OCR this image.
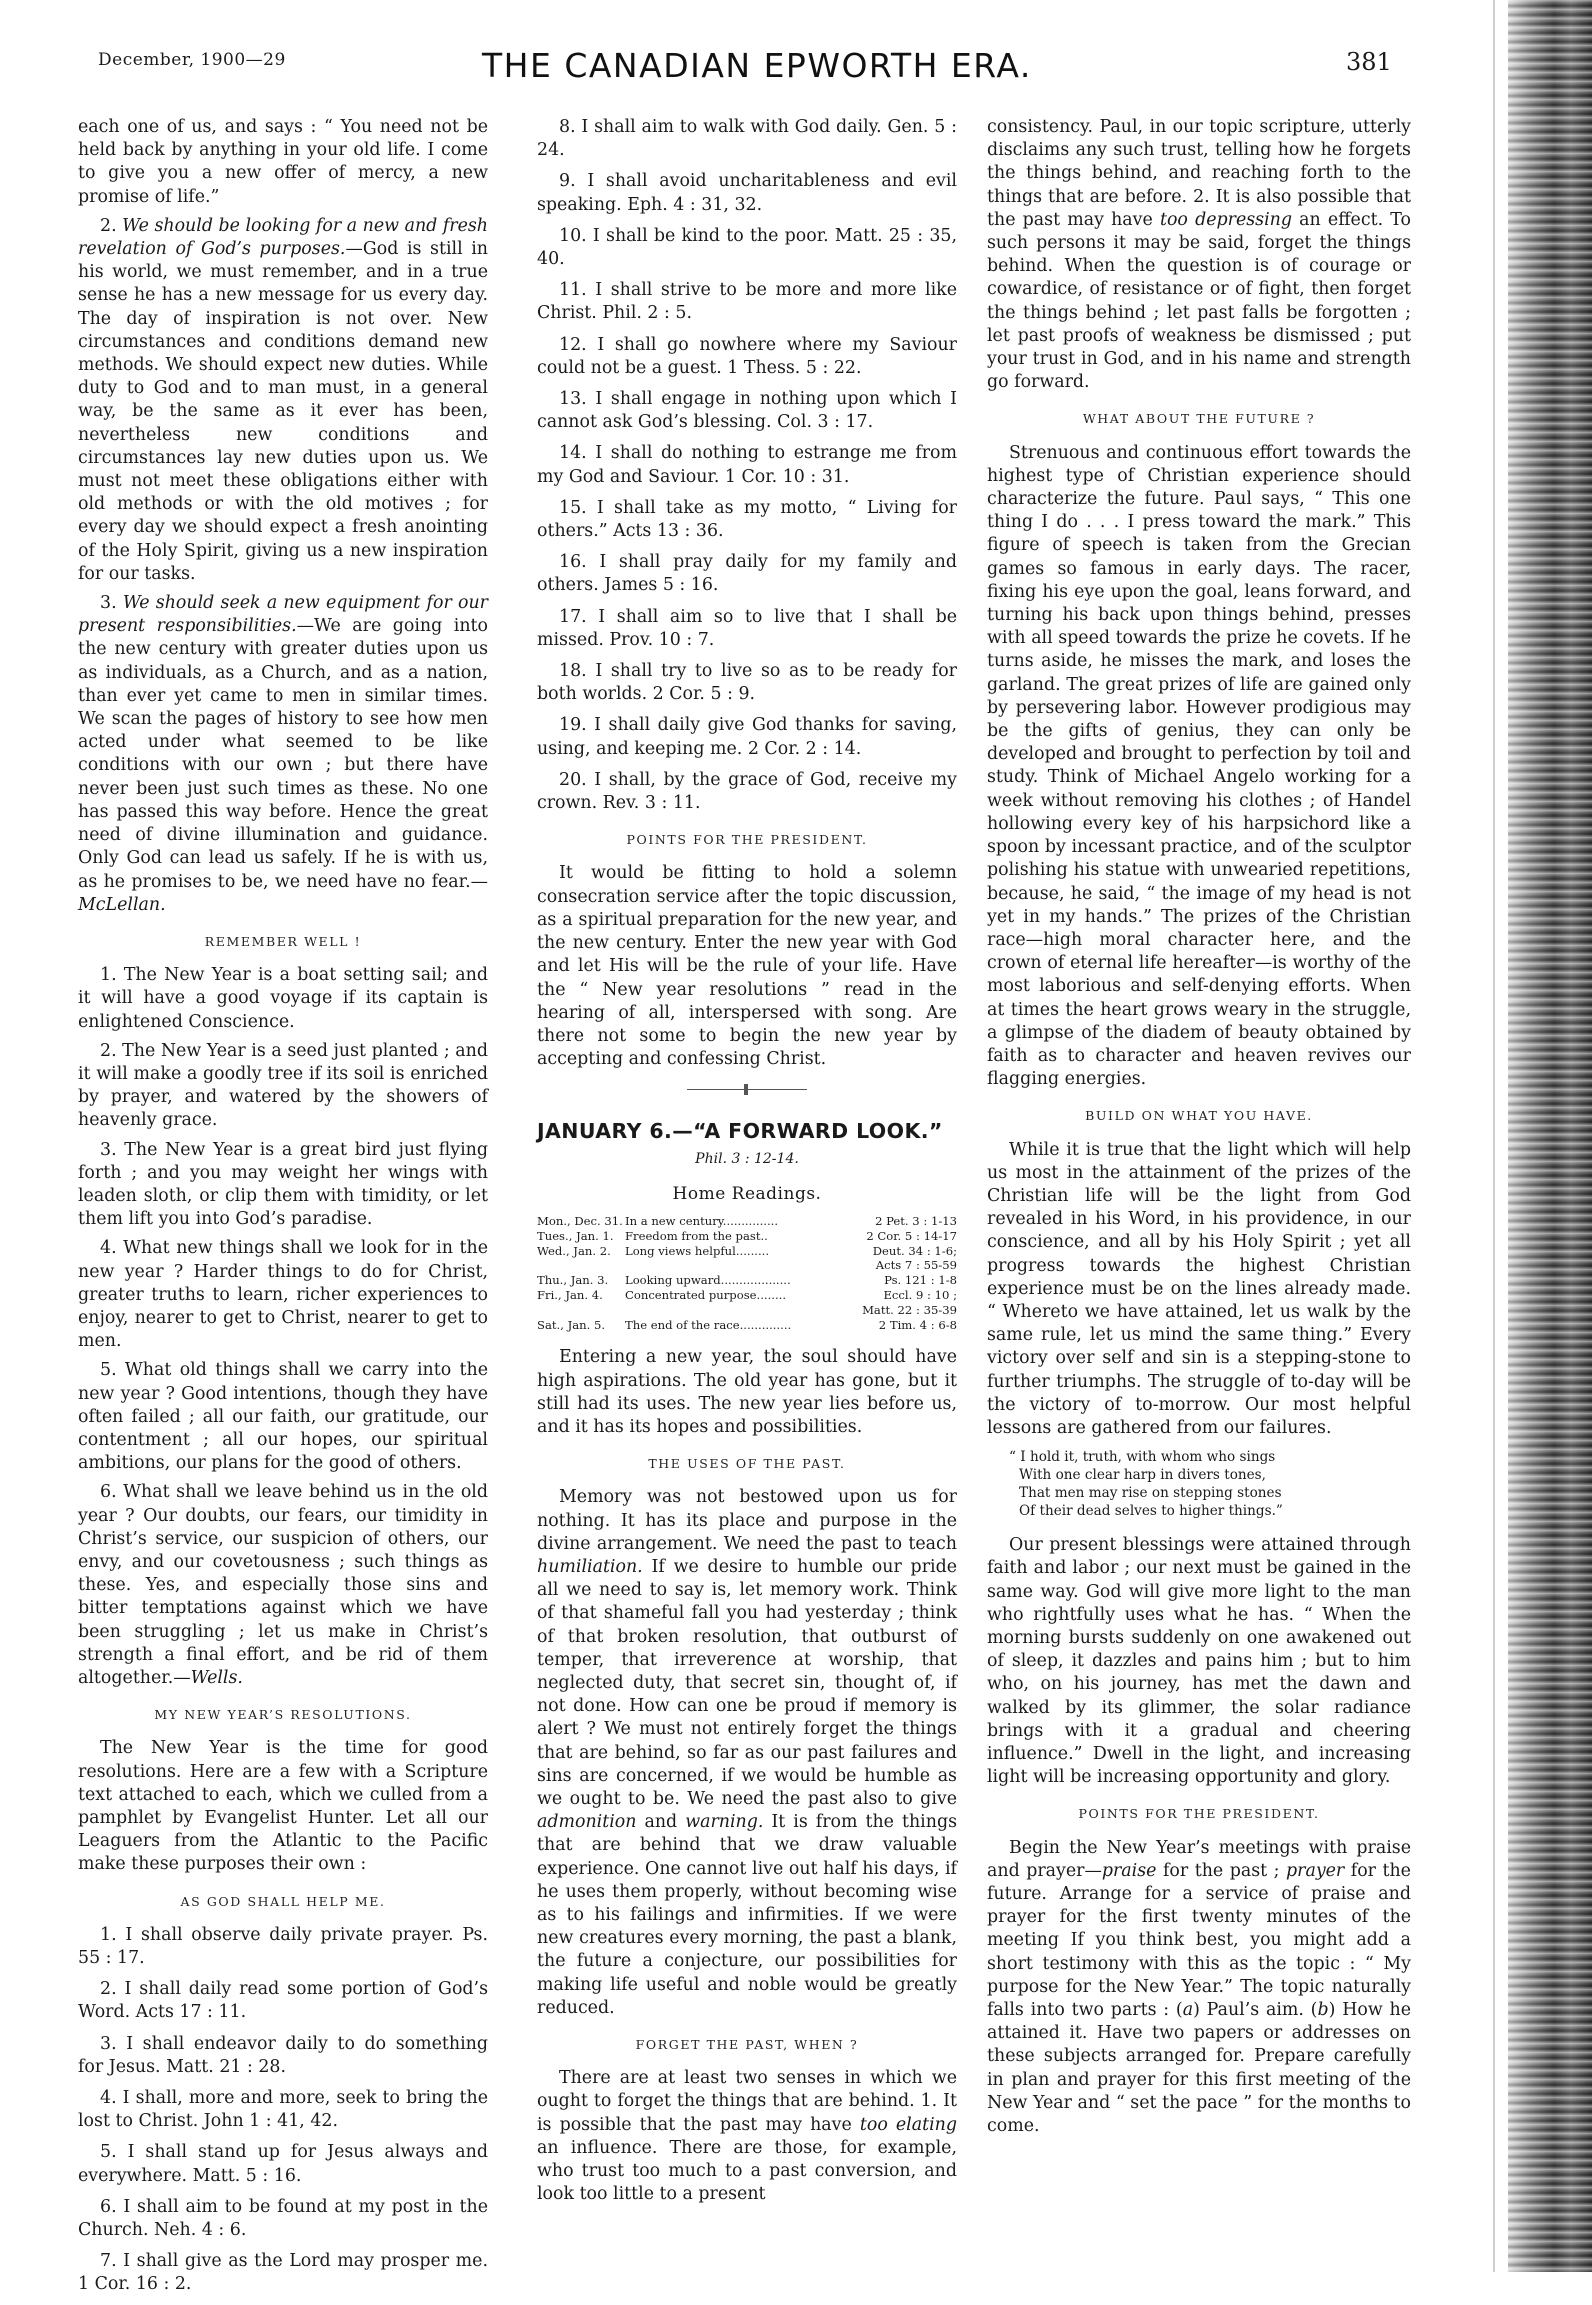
December, 1900—29	THE CANADIAN EPWORTH ERA.	381

each one of us, and says : “ You need not be held back by anything in your old life. I come to give you a new offer of mercy, a new promise of life.”

2. We should be looking for a new and fresh revelation of God’s purposes.—God is still in his world, we must remember, and in a true sense he has a new message for us every day. The day of inspiration is not over. New circumstances and conditions demand new methods. We should expect new duties. While duty to God and to man must, in a general way, be the same as it ever has been, nevertheless new conditions and circumstances lay new duties upon us. We must not meet these obligations either with old methods or with the old motives ; for every day we should expect a fresh anointing of the Holy Spirit, giving us a new inspiration for our tasks.

3. We should seek a new equipment for our present responsibilities.—We are going into the new century with greater duties upon us as individuals, as a Church, and as a nation, than ever yet came to men in similar times. We scan the pages of history to see how men acted under what seemed to be like conditions with our own ; but there have never been just such times as these. No one has passed this way before. Hence the great need of divine illumination and guidance. Only God can lead us safely. If he is with us, as he promises to be, we need have no fear.—McLellan.

REMEMBER WELL !

1. The New Year is a boat setting sail; and it will have a good voyage if its captain is enlightened Conscience.

2. The New Year is a seed just planted ; and it will make a goodly tree if its soil is enriched by prayer, and watered by the showers of heavenly grace.

3. The New Year is a great bird just flying forth ; and you may weight her wings with leaden sloth, or clip them with timidity, or let them lift you into God’s paradise.

4. What new things shall we look for in the new year ? Harder things to do for Christ, greater truths to learn, richer experiences to enjoy, nearer to get to Christ, nearer to get to men.

5. What old things shall we carry into the new year ? Good intentions, though they have often failed ; all our faith, our gratitude, our contentment ; all our hopes, our spiritual ambitions, our plans for the good of others.

6. What shall we leave behind us in the old year ? Our doubts, our fears, our timidity in Christ’s service, our suspicion of others, our envy, and our covetousness ; such things as these. Yes, and especially those sins and bitter temptations against which we have been struggling ; let us make in Christ’s strength a final effort, and be rid of them altogether.—Wells.

MY NEW YEAR’S RESOLUTIONS.

The New Year is the time for good resolutions. Here are a few with a Scripture text attached to each, which we culled from a pamphlet by Evangelist Hunter. Let all our Leaguers from the Atlantic to the Pacific make these purposes their own :

AS GOD SHALL HELP ME.

1. I shall observe daily private prayer. Ps. 55 : 17.

2. I shall daily read some portion of God’s Word. Acts 17 : 11.

3. I shall endeavor daily to do something for Jesus. Matt. 21 : 28.

4. I shall, more and more, seek to bring the lost to Christ. John 1 : 41, 42.

5. I shall stand up for Jesus always and everywhere. Matt. 5 : 16.

6. I shall aim to be found at my post in the Church. Neh. 4 : 6.

7. I shall give as the Lord may prosper me. 1 Cor. 16 : 2.

8. I shall aim to walk with God daily. Gen. 5 : 24.

9. I shall avoid uncharitableness and evil speaking. Eph. 4 : 31, 32.

10. I shall be kind to the poor. Matt. 25 : 35, 40.

11. I shall strive to be more and more like Christ. Phil. 2 : 5.

12. I shall go nowhere where my Saviour could not be a guest. 1 Thess. 5 : 22.

13. I shall engage in nothing upon which I cannot ask God’s blessing. Col. 3 : 17.

14. I shall do nothing to estrange me from my God and Saviour. 1 Cor. 10 : 31.

15. I shall take as my motto, “ Living for others.” Acts 13 : 36.

16. I shall pray daily for my family and others. James 5 : 16.

17. I shall aim so to live that I shall be missed. Prov. 10 : 7.

18. I shall try to live so as to be ready for both worlds. 2 Cor. 5 : 9.

19. I shall daily give God thanks for saving, using, and keeping me. 2 Cor. 2 : 14.

20. I shall, by the grace of God, receive my crown. Rev. 3 : 11.

POINTS FOR THE PRESIDENT.

It would be fitting to hold a solemn consecration service after the topic discussion, as a spiritual preparation for the new year, and the new century. Enter the new year with God and let His will be the rule of your life. Have the “ New year resolutions ” read in the hearing of all, interspersed with song. Are there not some to begin the new year by accepting and confessing Christ.

JANUARY 6.—“A FORWARD LOOK.”
Phil. 3 : 12-14.
Home Readings.
Mon., Dec. 31. In a new century...............	2 Pet. 3 : 1-13
Tues., Jan. 1. Freedom from the past..	2 Cor. 5 : 14-17
Wed., Jan. 2.	Long views helpful.........	Deut. 34 : 1-6;
Acts 7 : 55-59
Thu., Jan. 3.	Looking upward...................	Ps. 121 : 1-8
Fri., Jan. 4.	Concentrated purpose........	Eccl. 9 : 10 ;
Matt. 22 : 35-39
Sat., Jan. 5.	The end of the race..............	2 Tim. 4 : 6-8

Entering a new year, the soul should have high aspirations. The old year has gone, but it still had its uses. The new year lies before us, and it has its hopes and possibilities.

THE USES OF THE PAST.

Memory was not bestowed upon us for nothing. It has its place and purpose in the divine arrangement. We need the past to teach humiliation. If we desire to humble our pride all we need to say is, let memory work. Think of that shameful fall you had yesterday ; think of that broken resolution, that outburst of temper, that irreverence at worship, that neglected duty, that secret sin, thought of, if not done. How can one be proud if memory is alert ? We must not entirely forget the things that are behind, so far as our past failures and sins are concerned, if we would be humble as we ought to be. We need the past also to give admonition and warning. It is from the things that are behind that we draw valuable experience. One cannot live out half his days, if he uses them properly, without becoming wise as to his failings and infirmities. If we were new creatures every morning, the past a blank, the future a conjecture, our possibilities for making life useful and noble would be greatly reduced.

FORGET THE PAST, WHEN ?

There are at least two senses in which we ought to forget the things that are behind. 1. It is possible that the past may have too elating an influence. There are those, for example, who trust too much to a past conversion, and look too little to a present

consistency. Paul, in our topic scripture, utterly disclaims any such trust, telling how he forgets the things behind, and reaching forth to the things that are before. 2. It is also possible that the past may have too depressing an effect. To such persons it may be said, forget the things behind. When the question is of courage or cowardice, of resistance or of fight, then forget the things behind ; let past falls be forgotten ; let past proofs of weakness be dismissed ; put your trust in God, and in his name and strength go forward.

WHAT ABOUT THE FUTURE ?

Strenuous and continuous effort towards the highest type of Christian experience should characterize the future. Paul says, “ This one thing I do . . . I press toward the mark.” This figure of speech is taken from the Grecian games so famous in early days. The racer, fixing his eye upon the goal, leans forward, and turning his back upon things behind, presses with all speed towards the prize he covets. If he turns aside, he misses the mark, and loses the garland. The great prizes of life are gained only by persevering labor. However prodigious may be the gifts of genius, they can only be developed and brought to perfection by toil and study. Think of Michael Angelo working for a week without removing his clothes ; of Handel hollowing every key of his harpsichord like a spoon by incessant practice, and of the sculptor polishing his statue with unwearied repetitions, because, he said, “ the image of my head is not yet in my hands.” The prizes of the Christian race—high moral character here, and the crown of eternal life hereafter—is worthy of the most laborious and self-denying efforts. When at times the heart grows weary in the struggle, a glimpse of the diadem of beauty obtained by faith as to character and heaven revives our flagging energies.

BUILD ON WHAT YOU HAVE.

While it is true that the light which will help us most in the attainment of the prizes of the Christian life will be the light from God revealed in his Word, in his providence, in our conscience, and all by his Holy Spirit ; yet all progress towards the highest Christian experience must be on the lines already made. “ Whereto we have attained, let us walk by the same rule, let us mind the same thing.” Every victory over self and sin is a stepping-stone to further triumphs. The struggle of to-day will be the victory of to-morrow. Our most helpful lessons are gathered from our failures.

“ I hold it, truth, with whom who sings
With one clear harp in divers tones,
That men may rise on stepping stones
Of their dead selves to higher things.”

Our present blessings were attained through faith and labor ; our next must be gained in the same way. God will give more light to the man who rightfully uses what he has. “ When the morning bursts suddenly on one awakened out of sleep, it dazzles and pains him ; but to him who, on his journey, has met the dawn and walked by its glimmer, the solar radiance brings with it a gradual and cheering influence.” Dwell in the light, and increasing light will be increasing opportunity and glory.

POINTS FOR THE PRESIDENT.

Begin the New Year’s meetings with praise and prayer—praise for the past ; prayer for the future. Arrange for a service of praise and prayer for the first twenty minutes of the meeting If you think best, you might add a short testimony with this as the topic : “ My purpose for the New Year.” The topic naturally falls into two parts : (a) Paul’s aim. (b) How he attained it. Have two papers or addresses on these subjects arranged for. Prepare carefully in plan and prayer for this first meeting of the New Year and “ set the pace ” for the months to come.
